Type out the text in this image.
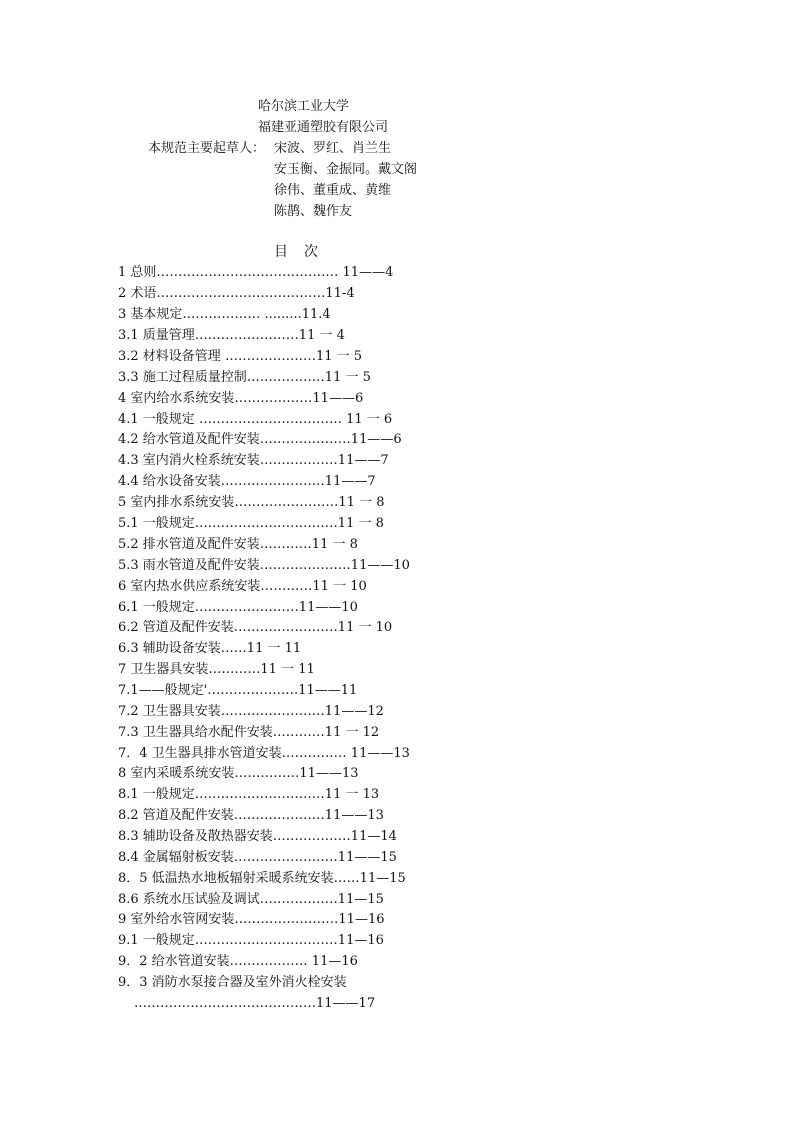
哈尔滨工业大学
福建亚通塑胶有限公司
本规范主要起草人： 宋波、罗红、肖兰生
安玉衡、金振同。戴文阁
徐伟、董重成、黄维
陈鹊、魏作友
目　次
1 总则…………………………………… 11——4
2 术语…………………………………11-4
3 基本规定……………… .........11.4
3.1 质量管理……………………11 一 4
3.2 材料设备管理 …………………11 一 5
3.3 施工过程质量控制………………11 一 5
4 室内给水系统安装………………11——6
4.1 一般规定 …………………………… 11 一 6
4.2 给水管道及配件安装…………………11——6
4.3 室内消火栓系统安装………………11——7
4.4 给水设备安装……………………11——7
5 室内排水系统安装……………………11 一 8
5.1 一般规定……………………………11 一 8
5.2 排水管道及配件安装…………11 一 8
5.3 雨水管道及配件安装…………………11——10
6 室内热水供应系统安装…………11 一 10
6.1 一般规定……………………11——10
6.2 管道及配件安装……………………11 一 10
6.3 辅助设备安装……11 一 11
7 卫生器具安装…………11 一 11
7.1——般规定'…………………11——11
7.2 卫生器具安装……………………11——12
7.3 卫生器具给水配件安装…………11 一 12
7．4 卫生器具排水管道安装…………… 11——13
8 室内采暖系统安装……………11——13
8.1 一般规定…………………………11 一 13
8.2 管道及配件安装…………………11——13
8.3 辅助设备及散热器安装………………11—14
8.4 金属辐射板安装……………………11——15
8．5 低温热水地板辐射采暖系统安装……11—15
8.6 系统水压试验及调试………………11—15
9 室外给水管网安装……………………11—16
9.1 一般规定……………………………11—16
9．2 给水管道安装……………… 11—16
9．3 消防水泵接合器及室外消火栓安装
……………………………………11——17
